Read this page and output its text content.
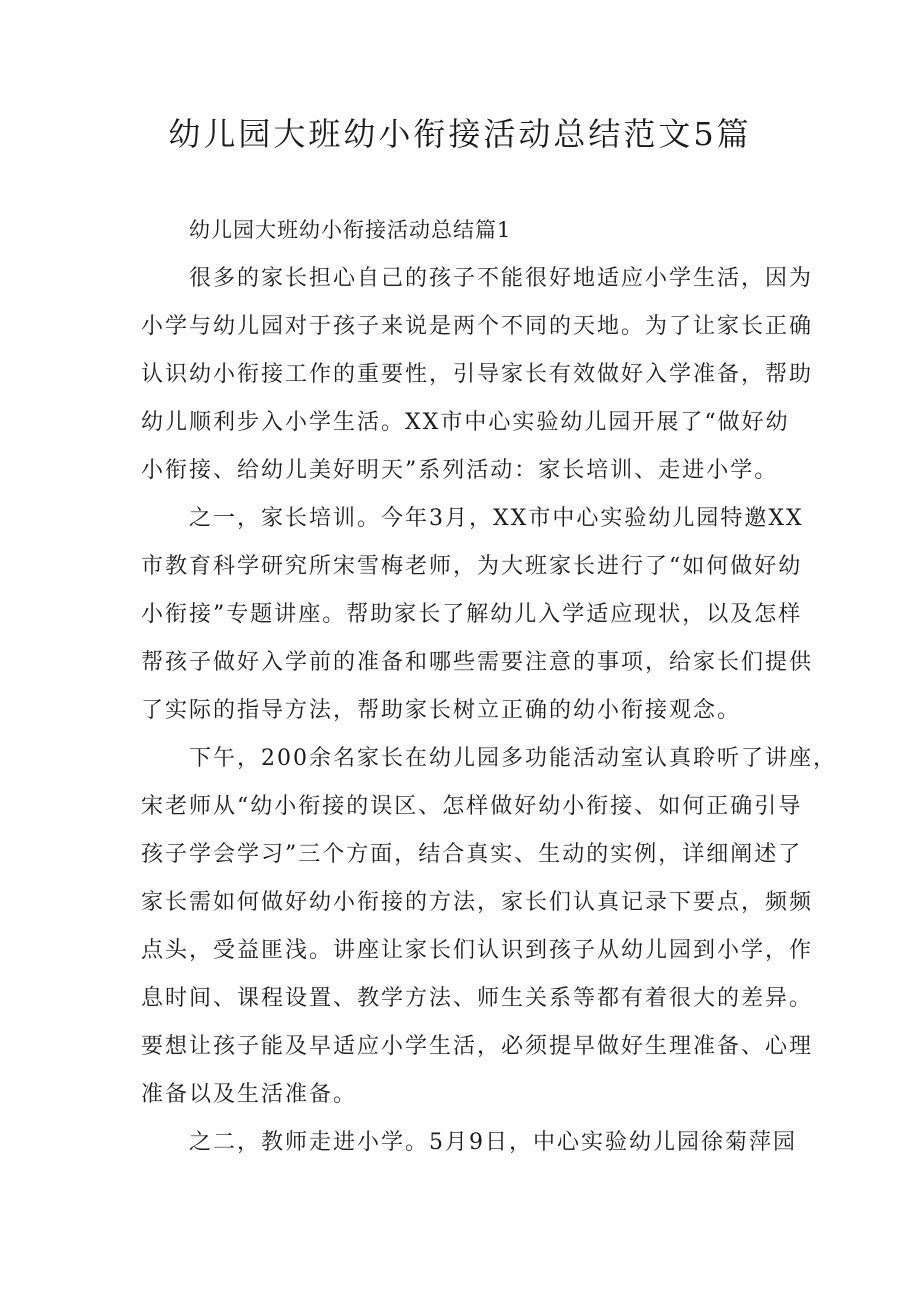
幼儿园大班幼小衔接活动总结范文5篇

幼儿园大班幼小衔接活动总结篇1

很多的家长担心自己的孩子不能很好地适应小学生活，因为
小学与幼儿园对于孩子来说是两个不同的天地。为了让家长正确
认识幼小衔接工作的重要性，引导家长有效做好入学准备，帮助
幼儿顺利步入小学生活。XX市中心实验幼儿园开展了“做好幼
小衔接、给幼儿美好明天”系列活动：家长培训、走进小学。

之一，家长培训。今年3月，XX市中心实验幼儿园特邀XX
市教育科学研究所宋雪梅老师，为大班家长进行了“如何做好幼
小衔接”专题讲座。帮助家长了解幼儿入学适应现状，以及怎样
帮孩子做好入学前的准备和哪些需要注意的事项，给家长们提供
了实际的指导方法，帮助家长树立正确的幼小衔接观念。

下午，200余名家长在幼儿园多功能活动室认真聆听了讲座，
宋老师从“幼小衔接的误区、怎样做好幼小衔接、如何正确引导
孩子学会学习”三个方面，结合真实、生动的实例，详细阐述了
家长需如何做好幼小衔接的方法，家长们认真记录下要点，频频
点头，受益匪浅。讲座让家长们认识到孩子从幼儿园到小学，作
息时间、课程设置、教学方法、师生关系等都有着很大的差异。
要想让孩子能及早适应小学生活，必须提早做好生理准备、心理
准备以及生活准备。

之二，教师走进小学。5月9日，中心实验幼儿园徐菊萍园
